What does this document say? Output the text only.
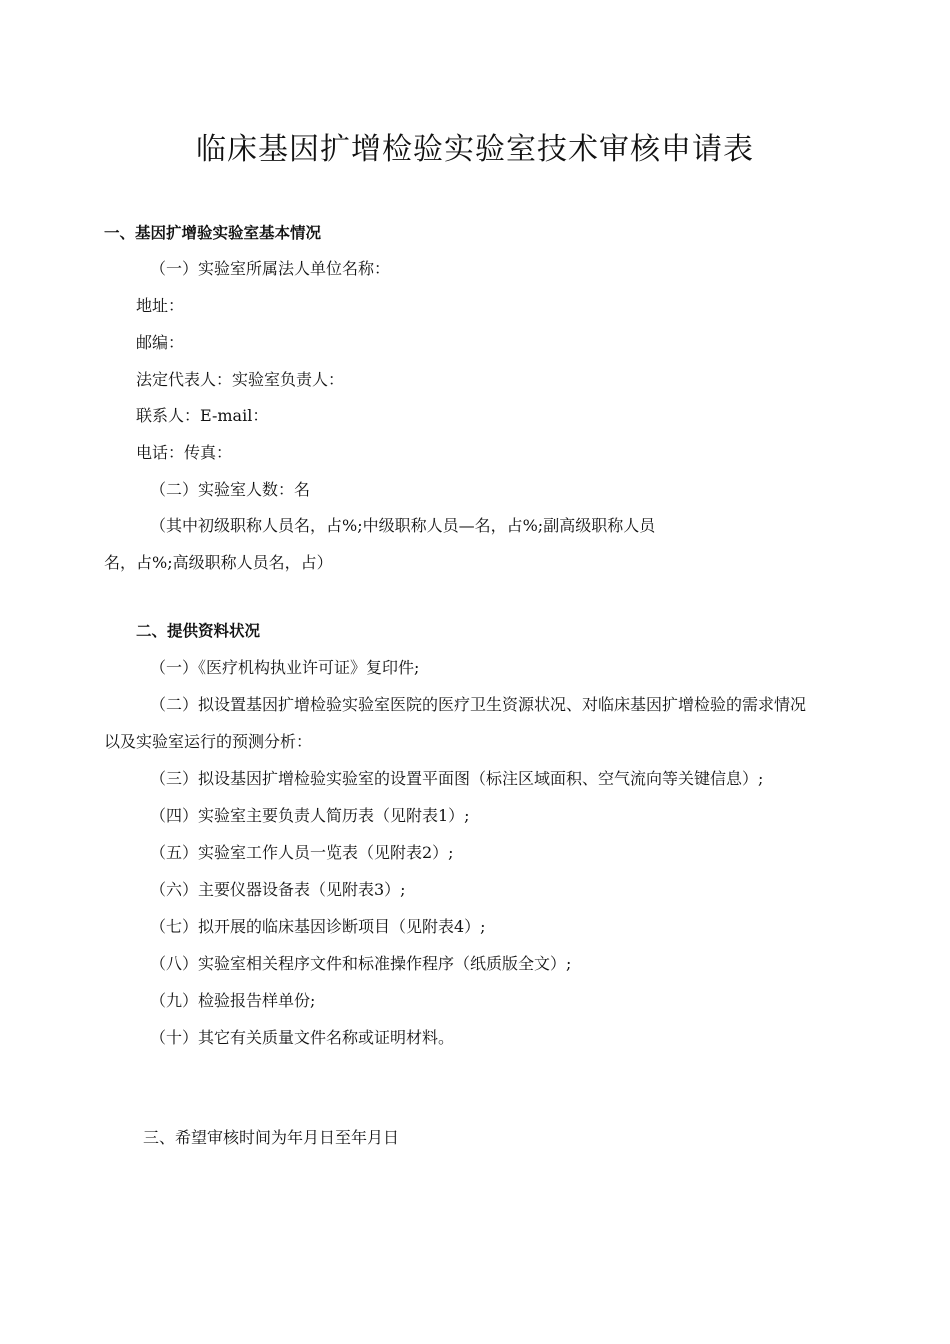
临床基因扩增检验实验室技术审核申请表
一、基因扩增验实验室基本情况
（一）实验室所属法人单位名称：
地址：
邮编：
法定代表人：实验室负责人：
联系人：E-mail：
电话：传真：
（二）实验室人数：名
（其中初级职称人员名，占%;中级职称人员—名，占%;副高级职称人员
名，占%;高级职称人员名，占）
二、提供资料状况
（一）《医疗机构执业许可证》复印件;
（二）拟设置基因扩增检验实验室医院的医疗卫生资源状况、对临床基因扩增检验的需求情况
以及实验室运行的预测分析：
（三）拟设基因扩增检验实验室的设置平面图（标注区域面积、空气流向等关键信息）;
（四）实验室主要负责人简历表（见附表1）;
（五）实验室工作人员一览表（见附表2）;
（六）主要仪器设备表（见附表3）;
（七）拟开展的临床基因诊断项目（见附表4）;
（八）实验室相关程序文件和标准操作程序（纸质版全文）;
（九）检验报告样单份;
（十）其它有关质量文件名称或证明材料。
三、希望审核时间为年月日至年月日
